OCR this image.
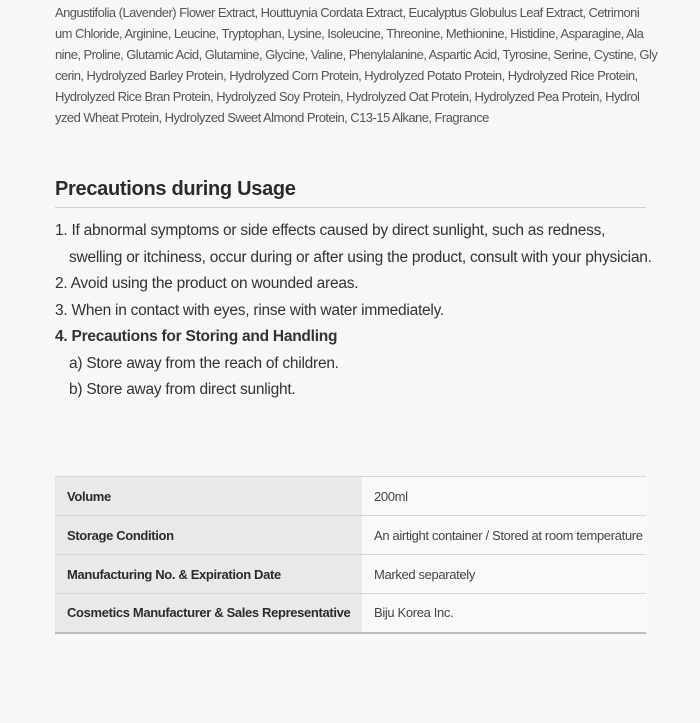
Angustifolia (Lavender) Flower Extract, Houttuynia Cordata Extract, Eucalyptus Globulus Leaf Extract, Cetrimoni
um Chloride, Arginine, Leucine, Tryptophan, Lysine, Isoleucine, Threonine, Methionine, Histidine, Asparagine, Ala
nine, Proline, Glutamic Acid, Glutamine, Glycine, Valine, Phenylalanine, Aspartic Acid, Tyrosine, Serine, Cystine, Gly
cerin, Hydrolyzed Barley Protein, Hydrolyzed Corn Protein, Hydrolyzed Potato Protein, Hydrolyzed Rice Protein,
Hydrolyzed Rice Bran Protein, Hydrolyzed Soy Protein, Hydrolyzed Oat Protein, Hydrolyzed Pea Protein, Hydrol
yzed Wheat Protein, Hydrolyzed Sweet Almond Protein, C13-15 Alkane, Fragrance
Precautions during Usage
1. If abnormal symptoms or side effects caused by direct sunlight, such as redness,
swelling or itchiness, occur during or after using the product, consult with your physician.
2. Avoid using the product on wounded areas.
3. When in contact with eyes, rinse with water immediately.
4. Precautions for Storing and Handling
a) Store away from the reach of children.
b) Store away from direct sunlight.
Volume	200ml
Storage Condition	An airtight container / Stored at room temperature
Manufacturing No. & Expiration Date	Marked separately
Cosmetics Manufacturer & Sales Representative	Biju Korea Inc.
